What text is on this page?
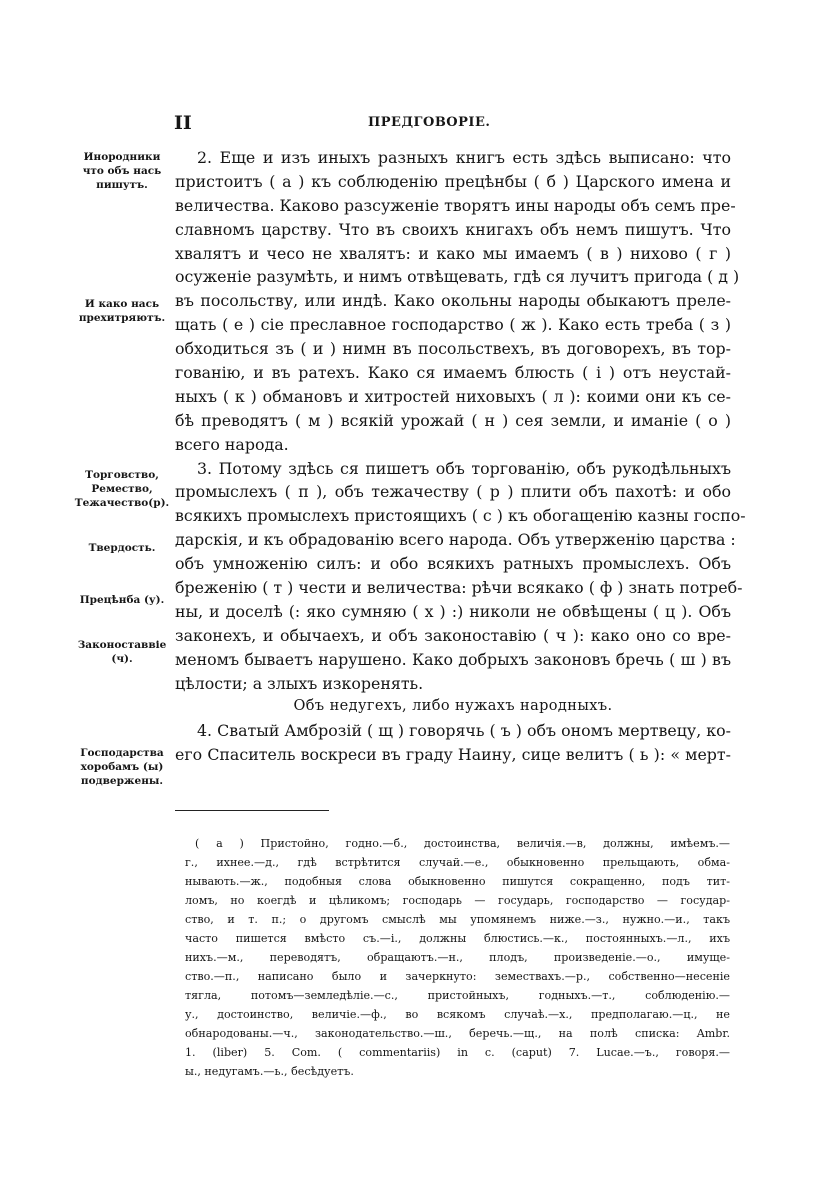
II	ПРЕДГОВОРІЕ.
Инородники что объ нась пишутъ.
И како нась прехитряютъ.
Торговство, Ремество, Тежачество(р).
Твердость.
Прецѣнба (у).
Законоставвіе (ч).
Господарства хоробамъ (ы) подвержены.
2. Еще и изъ иныхъ разныхъ книгъ есть здѣсь выписано: что
пристоитъ ( а ) къ соблюденію прецѣнбы ( б ) Царского имена и
величества. Каково разсуженіе творятъ ины народы объ семъ пре-
славномъ царству. Что въ своихъ книгахъ объ немъ пишутъ. Что
хвалятъ и чесо не хвалятъ: и како мы имаемъ ( в ) нихово ( г )
осуженіе разумѣть, и нимъ отвѣщевать, гдѣ ся лучитъ пригода ( д )
въ посольству, или индѣ. Како окольны народы обыкаютъ преле-
щать ( е ) сіе преславное господарство ( ж ). Како есть треба ( з )
обходиться зъ ( и ) нимн въ посольствехъ, въ договорехъ, въ тор-
гованію, и въ ратехъ. Како ся имаемъ блюсть ( і ) отъ неустай-
ныхъ ( к ) обмановъ и хитростей ниховыхъ ( л ): коими они къ се-
бѣ преводятъ ( м ) всякій урожай ( н ) сея земли, и иманіе ( о )
всего народа.
3. Потому здѣсь ся пишетъ объ торгованію, объ рукодѣльныхъ
промыслехъ ( п ), объ тежачеству ( р ) плити объ пахотѣ: и обо
всякихъ промыслехъ пристоящихъ ( с ) къ обогащенію казны госпо-
дарскія, и къ обрадованію всего народа. Объ утверженію царства :
объ умноженію силъ: и обо всякихъ ратныхъ промыслехъ. Объ
бреженію ( т ) чести и величества: рѣчи всякако ( ф ) знать потреб-
ны, и доселѣ (: яко сумняю ( х ) :) николи не обвѣщены ( ц ). Объ
законехъ, и обычаехъ, и объ законоставію ( ч ): како оно со вре-
меномъ бываетъ нарушено. Како добрыхъ законовъ бречь ( ш ) въ
цѣлости; а злыхъ изкоренять.
Объ недугехъ, либо нужахъ народныхъ.
4. Сватый Амброзій ( щ ) говорячь ( ъ ) объ ономъ мертвецу, ко-
его Спаситель воскреси въ граду Наину, сице велитъ ( ь ): « мерт-
( а ) Пристойно, годно.—б., достоинства, величія.—в, должны, имѣемъ.—
г., ихнее.—д., гдѣ встрѣтится случай.—е., обыкновенно прельщають, обма-
нывають.—ж., подобныя слова обыкновенно пишутся сокращенно, подъ тит-
ломъ, но коегдѣ и цѣликомъ; господарь — государь, господарство — государ-
ство, и т. п.; о другомъ смыслѣ мы упомянемъ ниже.—з., нужно.—и., такъ
часто пишется вмѣсто съ.—і., должны блюстись.—к., постоянныхъ.—л., ихъ
нихъ.—м., переводятъ, обращаютъ.—н., плодъ, произведеніе.—о., имуще-
ство.—п., написано было и зачеркнуто: земествахъ.—р., собственно—несеніе
тягла, потомъ—земледѣліе.—с., пристойныхъ, годныхъ.—т., соблюденію.—
у., достоинство, величіе.—ф., во всякомъ случаѣ.—х., предполагаю.—ц., не
обнародованы.—ч., законодательство.—ш., беречь.—щ., на полѣ списка: Ambr.
1. (liber) 5. Com. ( commentariis) in c. (caput) 7. Lucae.—ъ., говоря.—
ы., недугамъ.—ь., бесѣдуетъ.
